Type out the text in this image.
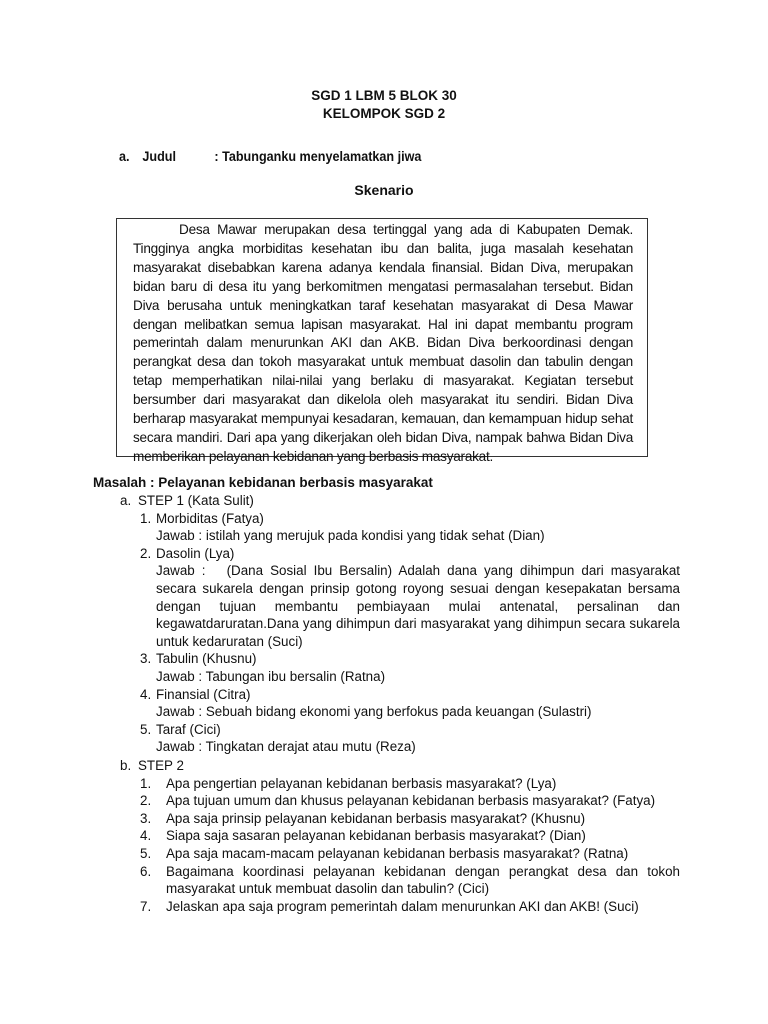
SGD 1 LBM 5 BLOK 30
KELOMPOK SGD 2
a. Judul	: Tabunganku menyelamatkan jiwa
Skenario

Desa Mawar merupakan desa tertinggal yang ada di Kabupaten Demak. Tingginya angka morbiditas kesehatan ibu dan balita, juga masalah kesehatan masyarakat disebabkan karena adanya kendala finansial. Bidan Diva, merupakan bidan baru di desa itu yang berkomitmen mengatasi permasalahan tersebut. Bidan Diva berusaha untuk meningkatkan taraf kesehatan masyarakat di Desa Mawar dengan melibatkan semua lapisan masyarakat. Hal ini dapat membantu program pemerintah dalam menurunkan AKI dan AKB. Bidan Diva berkoordinasi dengan perangkat desa dan tokoh masyarakat untuk membuat dasolin dan tabulin dengan tetap memperhatikan nilai-nilai yang berlaku di masyarakat. Kegiatan tersebut bersumber dari masyarakat dan dikelola oleh masyarakat itu sendiri. Bidan Diva berharap masyarakat mempunyai kesadaran, kemauan, dan kemampuan hidup sehat secara mandiri. Dari apa yang dikerjakan oleh bidan Diva, nampak bahwa Bidan Diva memberikan pelayanan kebidanan yang berbasis masyarakat.

Masalah : Pelayanan kebidanan berbasis masyarakat
a. STEP 1 (Kata Sulit)
1. Morbiditas (Fatya)
Jawab : istilah yang merujuk pada kondisi yang tidak sehat (Dian)
2. Dasolin (Lya)
Jawab :   (Dana Sosial Ibu Bersalin) Adalah dana yang dihimpun dari masyarakat secara sukarela dengan prinsip gotong royong sesuai dengan kesepakatan bersama dengan tujuan membantu pembiayaan mulai antenatal, persalinan dan kegawatdaruratan.Dana yang dihimpun dari masyarakat yang dihimpun secara sukarela untuk kedaruratan (Suci)
3. Tabulin (Khusnu)
Jawab : Tabungan ibu bersalin (Ratna)
4. Finansial (Citra)
Jawab : Sebuah bidang ekonomi yang berfokus pada keuangan (Sulastri)
5. Taraf (Cici)
Jawab : Tingkatan derajat atau mutu (Reza)
b. STEP 2
1. Apa pengertian pelayanan kebidanan berbasis masyarakat? (Lya)
2. Apa tujuan umum dan khusus pelayanan kebidanan berbasis masyarakat? (Fatya)
3. Apa saja prinsip pelayanan kebidanan berbasis masyarakat? (Khusnu)
4. Siapa saja sasaran pelayanan kebidanan berbasis masyarakat? (Dian)
5. Apa saja macam-macam pelayanan kebidanan berbasis masyarakat? (Ratna)
6. Bagaimana koordinasi pelayanan kebidanan dengan perangkat desa dan tokoh masyarakat untuk membuat dasolin dan tabulin? (Cici)
7. Jelaskan apa saja program pemerintah dalam menurunkan AKI dan AKB! (Suci)
